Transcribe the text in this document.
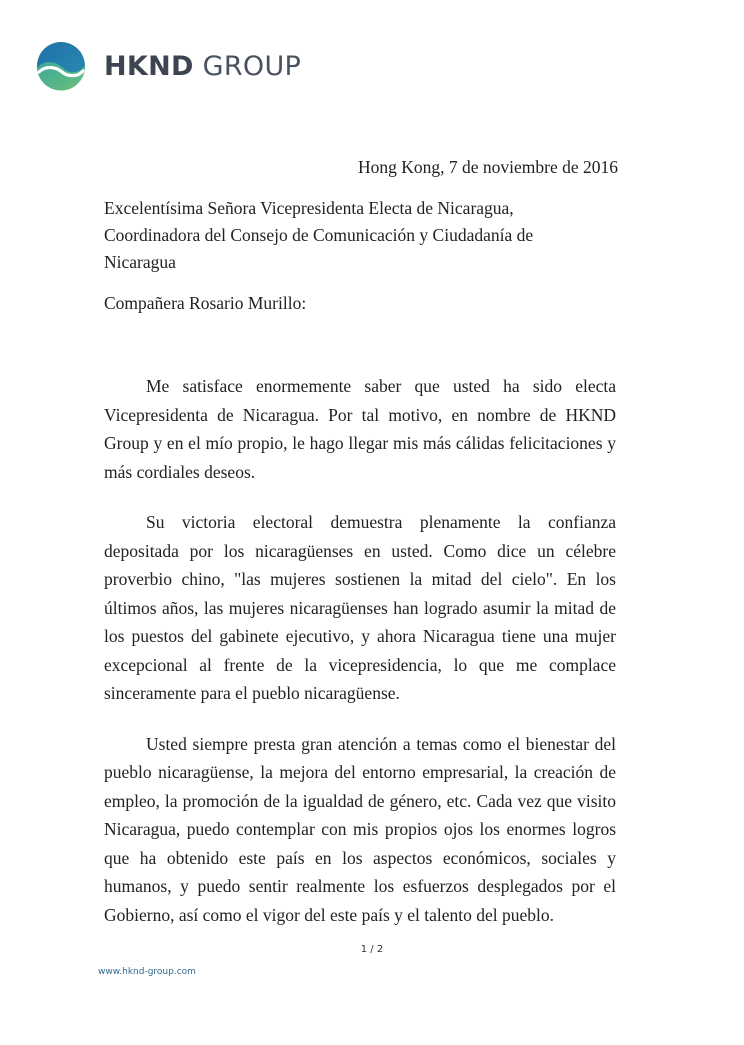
HKND GROUP
Hong Kong, 7 de noviembre de 2016
Excelentísima Señora Vicepresidenta Electa de Nicaragua,
Coordinadora del Consejo de Comunicación y Ciudadanía de
Nicaragua
Compañera Rosario Murillo:

Me satisface enormemente saber que usted ha sido electa Vicepresidenta de Nicaragua. Por tal motivo, en nombre de HKND Group y en el mío propio, le hago llegar mis más cálidas felicitaciones y más cordiales deseos.

Su victoria electoral demuestra plenamente la confianza depositada por los nicaragüenses en usted. Como dice un célebre proverbio chino, "las mujeres sostienen la mitad del cielo". En los últimos años, las mujeres nicaragüenses han logrado asumir la mitad de los puestos del gabinete ejecutivo, y ahora Nicaragua tiene una mujer excepcional al frente de la vicepresidencia, lo que me complace sinceramente para el pueblo nicaragüense.

Usted siempre presta gran atención a temas como el bienestar del pueblo nicaragüense, la mejora del entorno empresarial, la creación de empleo, la promoción de la igualdad de género, etc. Cada vez que visito Nicaragua, puedo contemplar con mis propios ojos los enormes logros que ha obtenido este país en los aspectos económicos, sociales y humanos, y puedo sentir realmente los esfuerzos desplegados por el Gobierno, así como el vigor del este país y el talento del pueblo.

1 / 2
www.hknd-group.com
